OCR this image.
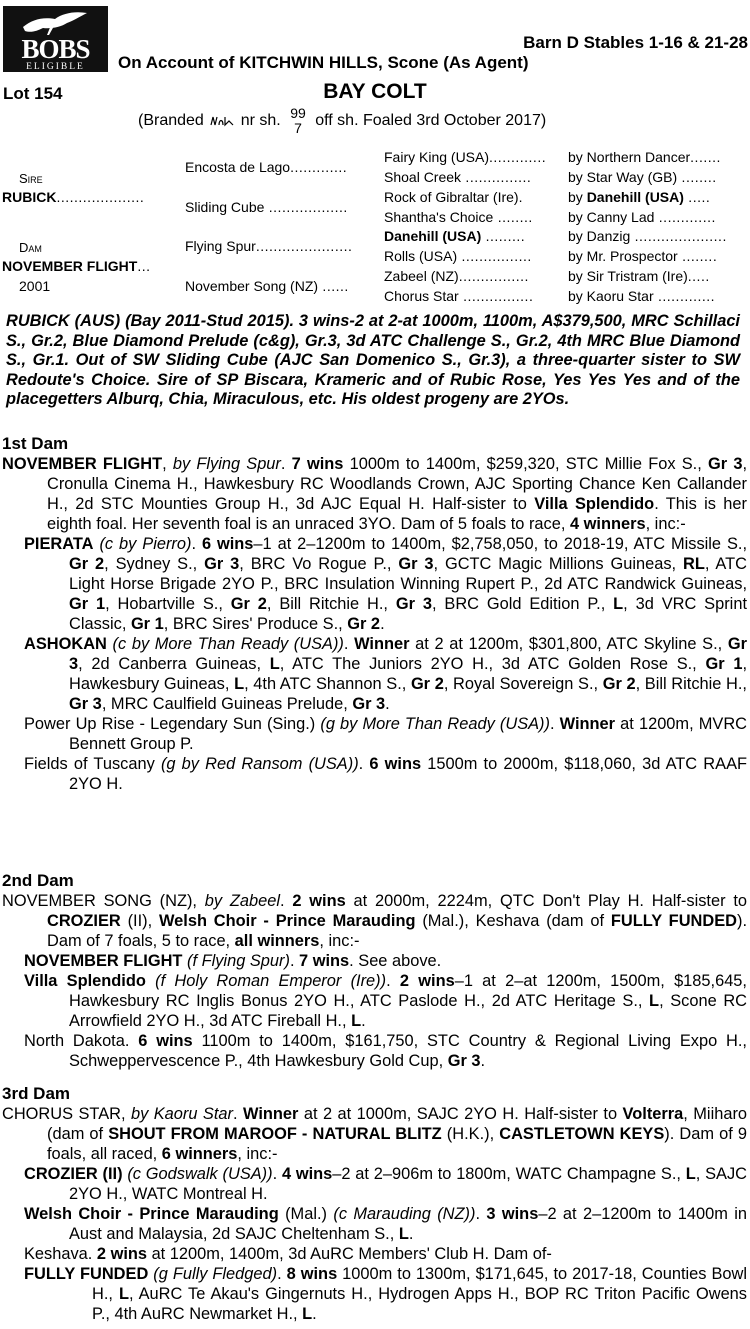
BOBS
ELIGIBLE
Barn D Stables 1-16 & 21-28
On Account of KITCHWIN HILLS, Scone (As Agent)
Lot 154	BAY COLT
(Branded nr sh. 99
7 off sh. Foaled 3rd October 2017)
Sire
RUBICK....................
Dam
NOVEMBER FLIGHT...
2001
Encosta de Lago.............
Sliding Cube ..................
Flying Spur......................
November Song (NZ) ......
Fairy King (USA).............
Shoal Creek ...............
Rock of Gibraltar (Ire).
Shantha's Choice ........
Danehill (USA) .........
Rolls (USA) ................
Zabeel (NZ)................
Chorus Star ................
by Northern Dancer.......
by Star Way (GB) ........
by Danehill (USA) .....
by Canny Lad .............
by Danzig .....................
by Mr. Prospector ........
by Sir Tristram (Ire).....
by Kaoru Star .............
RUBICK (AUS) (Bay 2011-Stud 2015). 3 wins-2 at 2-at 1000m, 1100m, A$379,500, MRC Schillaci S., Gr.2, Blue Diamond Prelude (c&g), Gr.3, 3d ATC Challenge S., Gr.2, 4th MRC Blue Diamond S., Gr.1. Out of SW Sliding Cube (AJC San Domenico S., Gr.3), a three-quarter sister to SW Redoute's Choice. Sire of SP Biscara, Krameric and of Rubic Rose, Yes Yes Yes and of the placegetters Alburq, Chia, Miraculous, etc. His oldest progeny are 2YOs.
1st Dam

NOVEMBER FLIGHT, by Flying Spur. 7 wins 1000m to 1400m, $259,320, STC Millie Fox S., Gr 3, Cronulla Cinema H., Hawkesbury RC Woodlands Crown, AJC Sporting Chance Ken Callander H., 2d STC Mounties Group H., 3d AJC Equal H. Half-sister to Villa Splendido. This is her eighth foal. Her seventh foal is an unraced 3YO. Dam of 5 foals to race, 4 winners, inc:-

PIERATA (c by Pierro). 6 wins–1 at 2–1200m to 1400m, $2,758,050, to 2018-19, ATC Missile S., Gr 2, Sydney S., Gr 3, BRC Vo Rogue P., Gr 3, GCTC Magic Millions Guineas, RL, ATC Light Horse Brigade 2YO P., BRC Insulation Winning Rupert P., 2d ATC Randwick Guineas, Gr 1, Hobartville S., Gr 2, Bill Ritchie H., Gr 3, BRC Gold Edition P., L, 3d VRC Sprint Classic, Gr 1, BRC Sires' Produce S., Gr 2.

ASHOKAN (c by More Than Ready (USA)). Winner at 2 at 1200m, $301,800, ATC Skyline S., Gr 3, 2d Canberra Guineas, L, ATC The Juniors 2YO H., 3d ATC Golden Rose S., Gr 1, Hawkesbury Guineas, L, 4th ATC Shannon S., Gr 2, Royal Sovereign S., Gr 2, Bill Ritchie H., Gr 3, MRC Caulfield Guineas Prelude, Gr 3.

Power Up Rise - Legendary Sun (Sing.) (g by More Than Ready (USA)). Winner at 1200m, MVRC Bennett Group P.

Fields of Tuscany (g by Red Ransom (USA)). 6 wins 1500m to 2000m, $118,060, 3d ATC RAAF 2YO H.

2nd Dam

NOVEMBER SONG (NZ), by Zabeel. 2 wins at 2000m, 2224m, QTC Don't Play H. Half-sister to CROZIER (II), Welsh Choir - Prince Marauding (Mal.), Keshava (dam of FULLY FUNDED). Dam of 7 foals, 5 to race, all winners, inc:-

NOVEMBER FLIGHT (f Flying Spur). 7 wins. See above.

Villa Splendido (f Holy Roman Emperor (Ire)). 2 wins–1 at 2–at 1200m, 1500m, $185,645, Hawkesbury RC Inglis Bonus 2YO H., ATC Paslode H., 2d ATC Heritage S., L, Scone RC Arrowfield 2YO H., 3d ATC Fireball H., L.

North Dakota. 6 wins 1100m to 1400m, $161,750, STC Country & Regional Living Expo H., Schweppervescence P., 4th Hawkesbury Gold Cup, Gr 3.

3rd Dam

CHORUS STAR, by Kaoru Star. Winner at 2 at 1000m, SAJC 2YO H. Half-sister to Volterra, Miiharo (dam of SHOUT FROM MAROOF - NATURAL BLITZ (H.K.), CASTLETOWN KEYS). Dam of 9 foals, all raced, 6 winners, inc:-

CROZIER (II) (c Godswalk (USA)). 4 wins–2 at 2–906m to 1800m, WATC Champagne S., L, SAJC 2YO H., WATC Montreal H.

Welsh Choir - Prince Marauding (Mal.) (c Marauding (NZ)). 3 wins–2 at 2–1200m to 1400m in Aust and Malaysia, 2d SAJC Cheltenham S., L.

Keshava. 2 wins at 1200m, 1400m, 3d AuRC Members' Club H. Dam of-

FULLY FUNDED (g Fully Fledged). 8 wins 1000m to 1300m, $171,645, to 2017-18, Counties Bowl H., L, AuRC Te Akau's Gingernuts H., Hydrogen Apps H., BOP RC Triton Pacific Owens P., 4th AuRC Newmarket H., L.
